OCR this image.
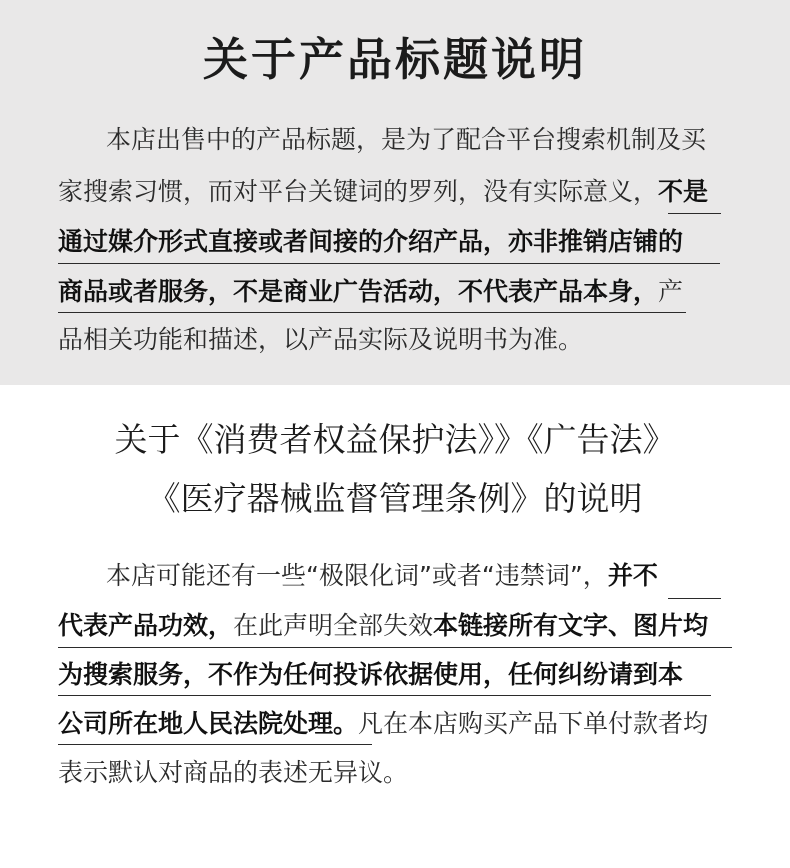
关于产品标题说明
本店出售中的产品标题，是为了配合平台搜索机制及买
家搜索习惯，而对平台关键词的罗列，没有实际意义，不是
通过媒介形式直接或者间接的介绍产品，亦非推销店铺的
商品或者服务，不是商业广告活动，不代表产品本身，产
品相关功能和描述，以产品实际及说明书为准。
关于《消费者权益保护法》》《广告法》
《医疗器械监督管理条例》的说明
本店可能还有一些“极限化词”或者“违禁词”，并不
代表产品功效，在此声明全部失效本链接所有文字、图片均
为搜索服务，不作为任何投诉依据使用，任何纠纷请到本
公司所在地人民法院处理。凡在本店购买产品下单付款者均
表示默认对商品的表述无异议。
